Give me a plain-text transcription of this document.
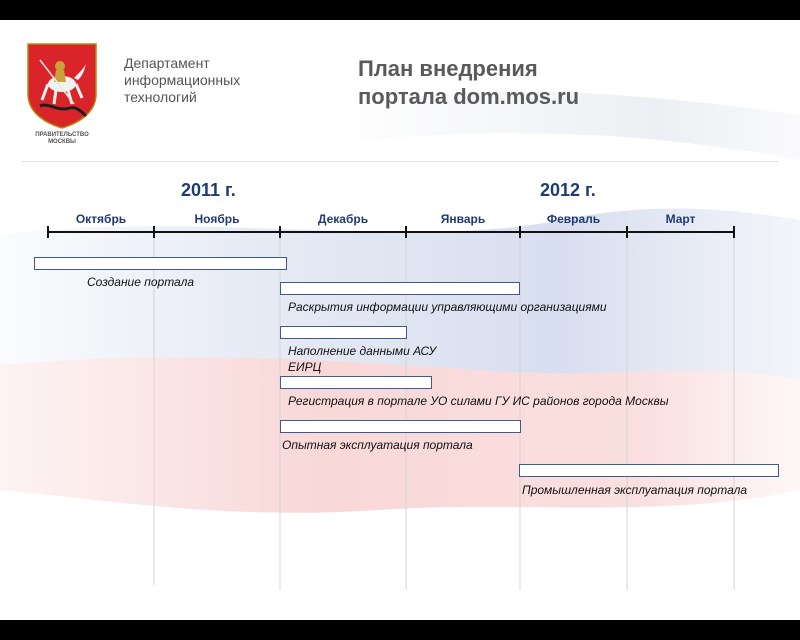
ПРАВИТЕЛЬСТВО
МОСКВЫ
Департамент
информационных
технологий
План внедрения
портала dom.mos.ru
2011 г.	2012 г.
Октябрь	Ноябрь	Декабрь	Январь	Февраль	Март
Создание портала
Раскрытия информации управляющими организациями
Наполнение данными АСУ
ЕИРЦ
Регистрация в портале УО силами ГУ ИС районов города Москвы
Опытная эксплуатация портала
Промышленная эксплуатация портала
